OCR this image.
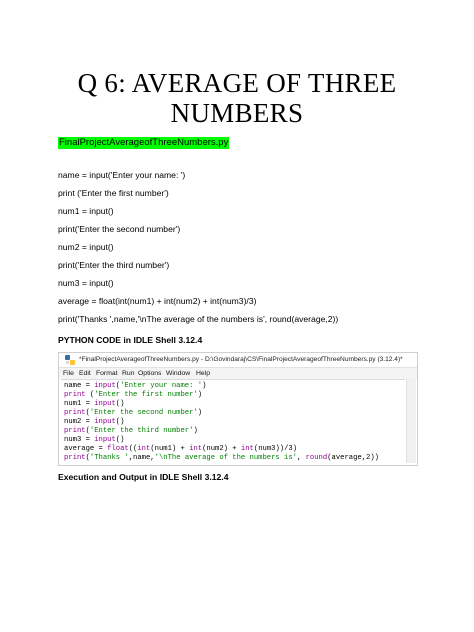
Q 6: AVERAGE OF THREE
NUMBERS
FinalProjectAverageofThreeNumbers.py
name = input('Enter your name: ')
print ('Enter the first number')
num1 = input()
print('Enter the second number')
num2 = input()
print('Enter the third number')
num3 = input()
average = float(int(num1) + int(num2) + int(num3)/3)
print('Thanks ',name,'\nThe average of the numbers is', round(average,2))
PYTHON CODE in IDLE Shell 3.12.4
*FinalProjectAverageofThreeNumbers.py - D:\Govindaraj\CS\FinalProjectAverageofThreeNumbers.py (3.12.4)*
File Edit Format Run Options Window Help
name = input('Enter your name: ')
print ('Enter the first number')
num1 = input()
print('Enter the second number')
num2 = input()
print('Enter the third number')
num3 = input()
average = float((int(num1) + int(num2) + int(num3))/3)
print('Thanks ',name,'\nThe average of the numbers is', round(average,2))
Execution and Output in IDLE Shell 3.12.4
